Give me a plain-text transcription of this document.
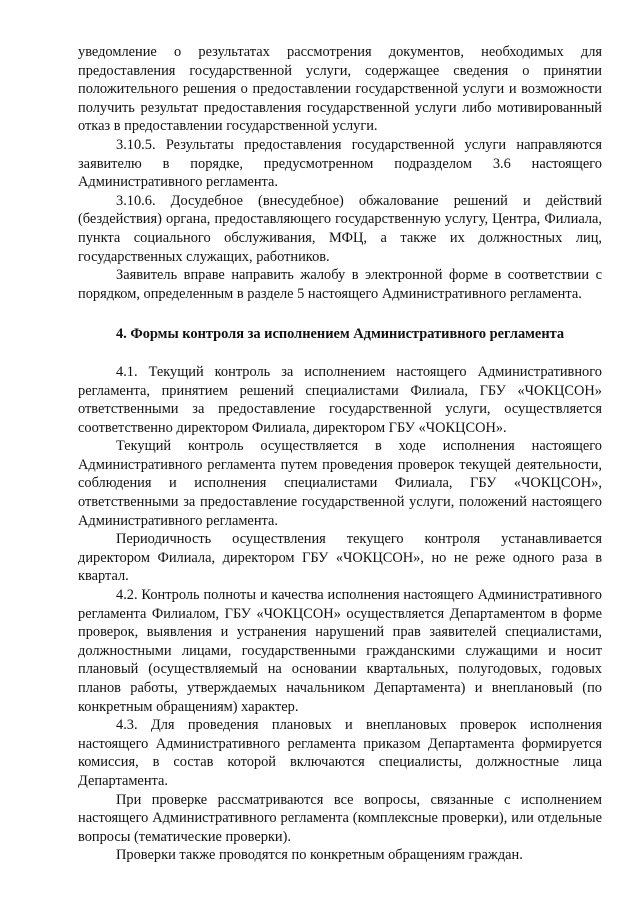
уведомление о результатах рассмотрения документов, необходимых для предоставления государственной услуги, содержащее сведения о принятии положительного решения о предоставлении государственной услуги и возможности получить результат предоставления государственной услуги либо мотивированный отказ в предоставлении государственной услуги.

3.10.5. Результаты предоставления государственной услуги направляются заявителю в порядке, предусмотренном подразделом 3.6 настоящего Административного регламента.

3.10.6. Досудебное (внесудебное) обжалование решений и действий (бездействия) органа, предоставляющего государственную услугу, Центра, Филиала, пункта социального обслуживания, МФЦ, а также их должностных лиц, государственных служащих, работников.

Заявитель вправе направить жалобу в электронной форме в соответствии с порядком, определенным в разделе 5 настоящего Административного регламента.

4. Формы контроля за исполнением Административного регламента

4.1. Текущий контроль за исполнением настоящего Административного регламента, принятием решений специалистами Филиала, ГБУ «ЧОКЦСОН» ответственными за предоставление государственной услуги, осуществляется соответственно директором Филиала, директором ГБУ «ЧОКЦСОН».

Текущий контроль осуществляется в ходе исполнения настоящего Административного регламента путем проведения проверок текущей деятельности, соблюдения и исполнения специалистами Филиала, ГБУ «ЧОКЦСОН», ответственными за предоставление государственной услуги, положений настоящего Административного регламента.

Периодичность осуществления текущего контроля устанавливается директором Филиала, директором ГБУ «ЧОКЦСОН», но не реже одного раза в квартал.

4.2. Контроль полноты и качества исполнения настоящего Административного регламента Филиалом, ГБУ «ЧОКЦСОН» осуществляется Департаментом в форме проверок, выявления и устранения нарушений прав заявителей специалистами, должностными лицами, государственными гражданскими служащими и носит плановый (осуществляемый на основании квартальных, полугодовых, годовых планов работы, утверждаемых начальником Департамента) и внеплановый (по конкретным обращениям) характер.

4.3. Для проведения плановых и внеплановых проверок исполнения настоящего Административного регламента приказом Департамента формируется комиссия, в состав которой включаются специалисты, должностные лица Департамента.

При проверке рассматриваются все вопросы, связанные с исполнением настоящего Административного регламента (комплексные проверки), или отдельные вопросы (тематические проверки).

Проверки также проводятся по конкретным обращениям граждан.
